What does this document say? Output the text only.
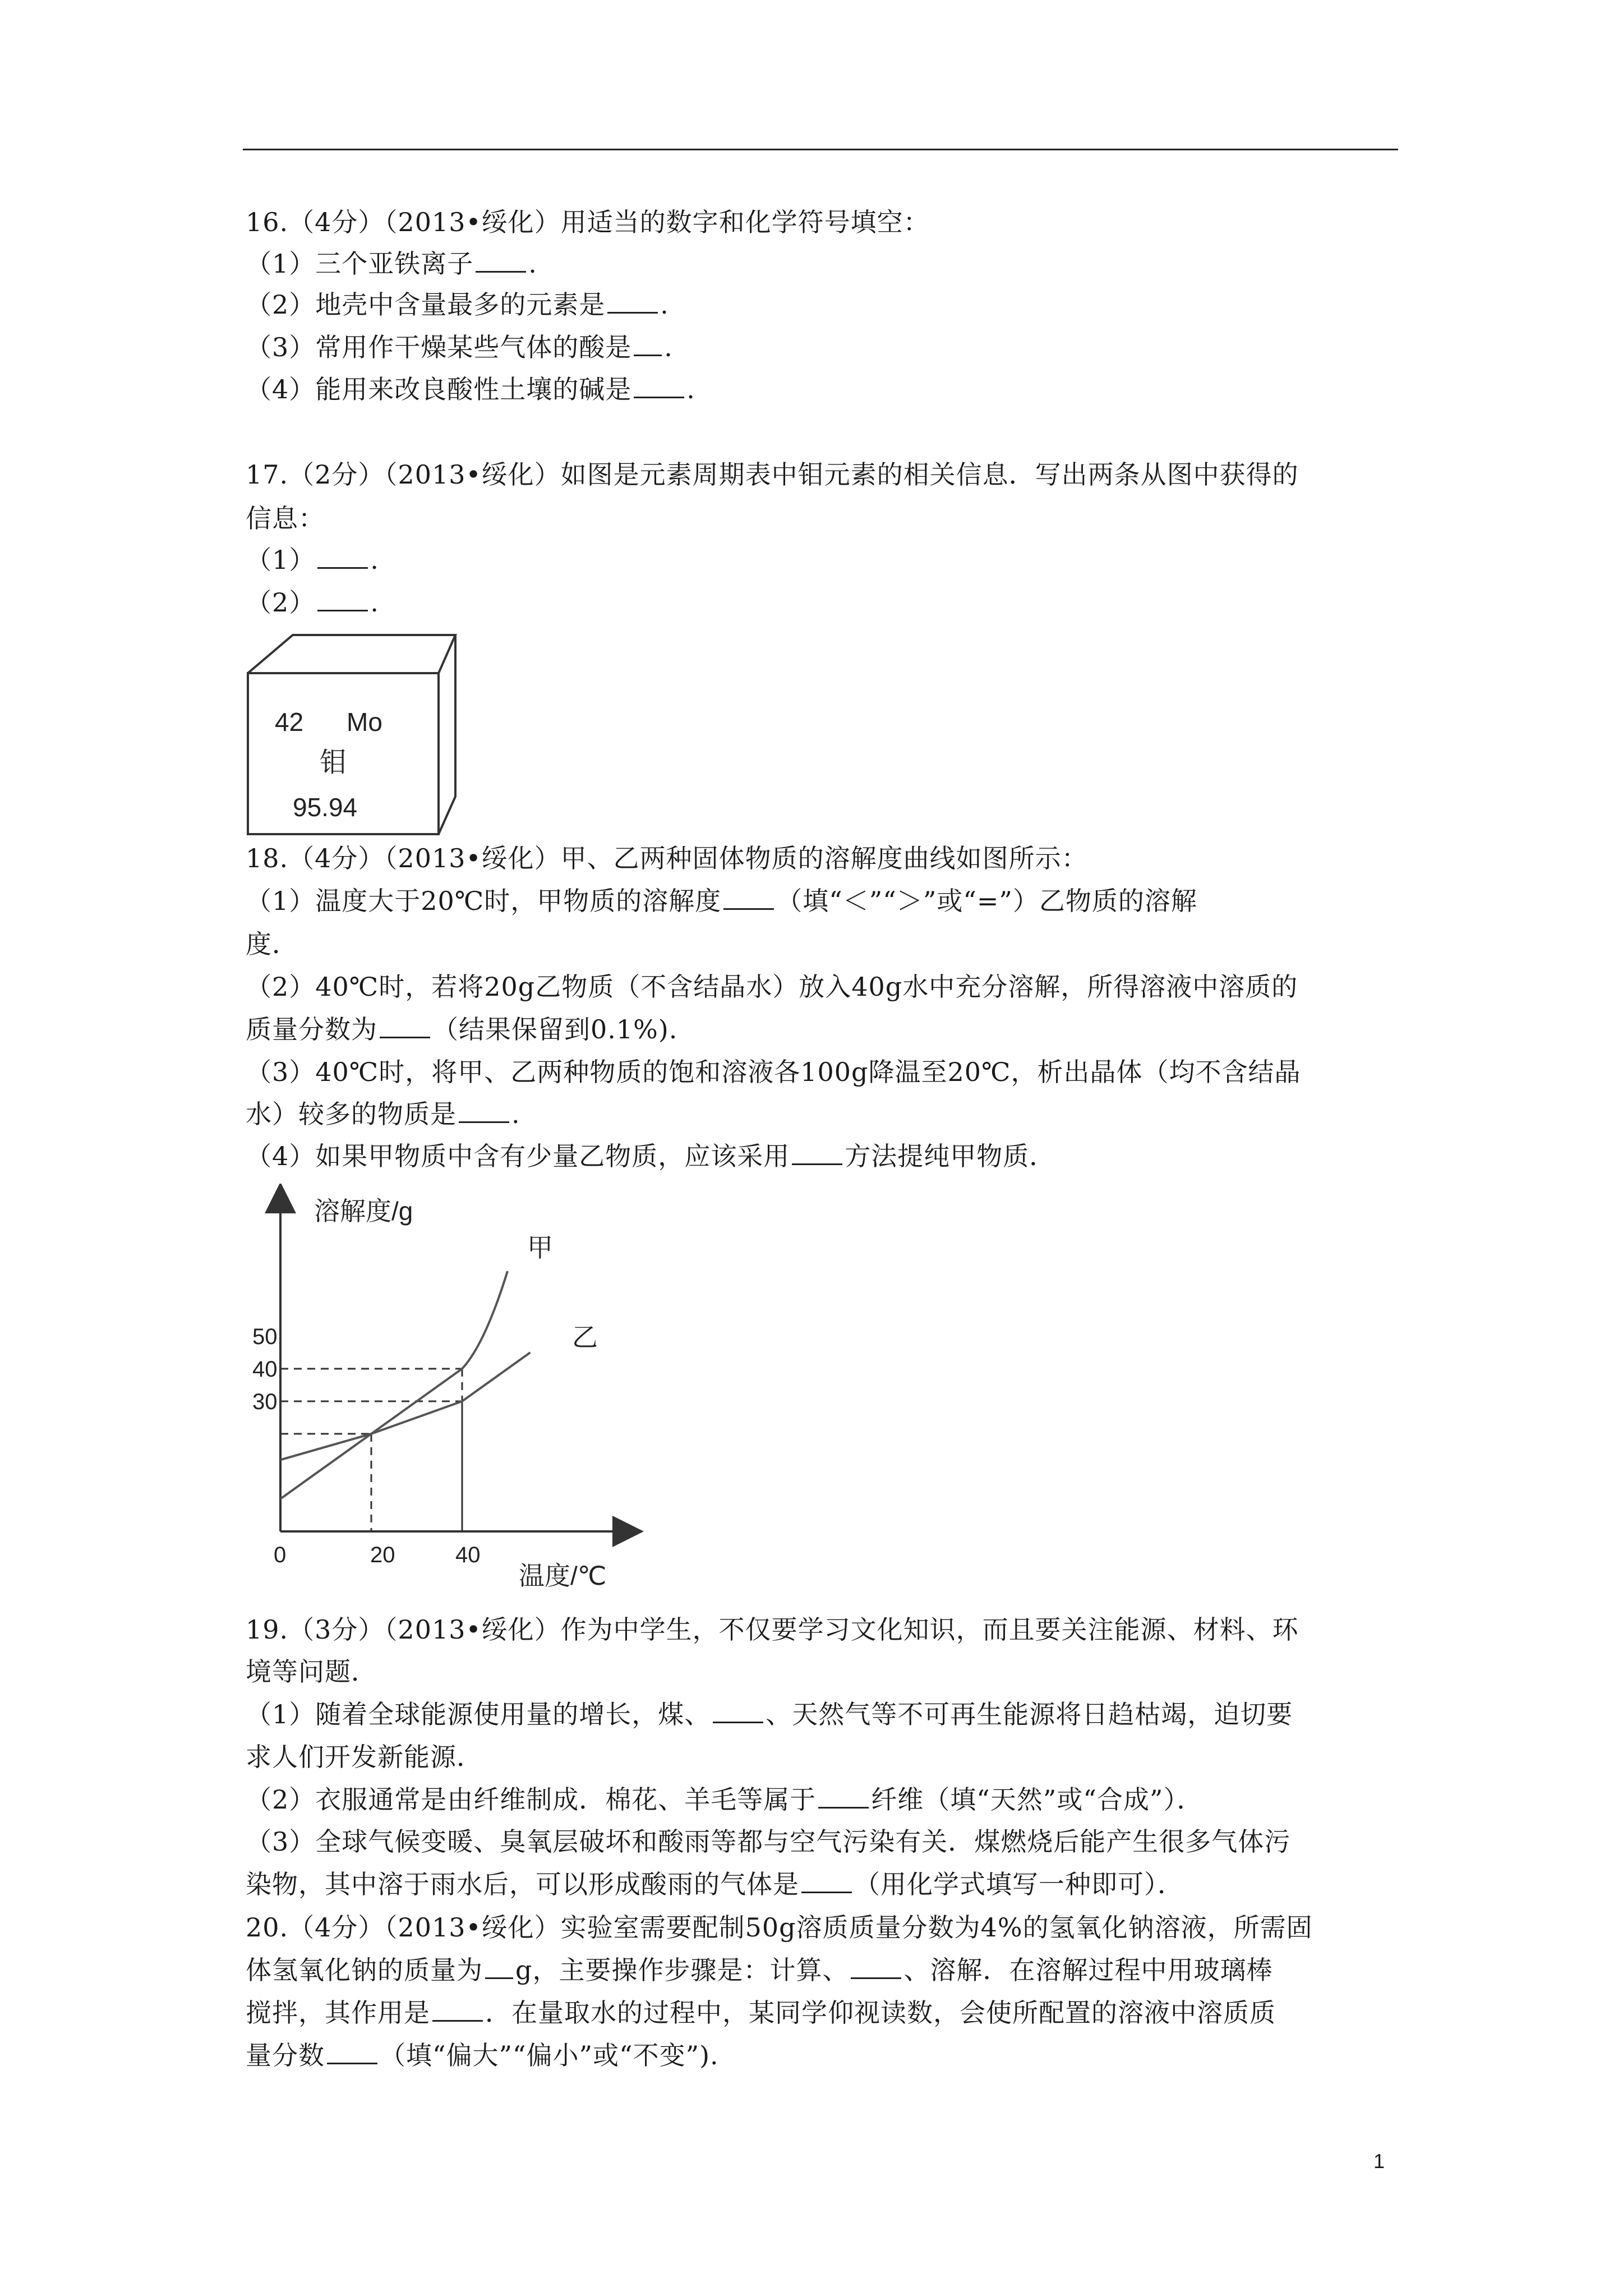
16.（4分）（2013•绥化）用适当的数字和化学符号填空：
（1）三个亚铁离子 .
（2）地壳中含量最多的元素是 .
（3）常用作干燥某些气体的酸是 .
（4）能用来改良酸性土壤的碱是 .
17.（2分）（2013•绥化）如图是元素周期表中钼元素的相关信息．写出两条从图中获得的
信息：
（1） .
（2） .
42 Mo
钼
95.94
18.（4分）（2013•绥化）甲、乙两种固体物质的溶解度曲线如图所示：
（1）温度大于20℃时，甲物质的溶解度 （填“＜”“＞”或“=”）乙物质的溶解
度．
（2）40℃时，若将20g乙物质（不含结晶水）放入40g水中充分溶解，所得溶液中溶质的
质量分数为 （结果保留到0.1%).
（3）40℃时，将甲、乙两种物质的饱和溶液各100g降温至20℃，析出晶体（均不含结晶
水）较多的物质是 .
（4）如果甲物质中含有少量乙物质，应该采用 方法提纯甲物质．
溶解度/g
温度/℃
50
40
30
0	20	40
甲
乙
19.（3分）（2013•绥化）作为中学生，不仅要学习文化知识，而且要关注能源、材料、环
境等问题．
（1）随着全球能源使用量的增长，煤、 、天然气等不可再生能源将日趋枯竭，迫切要
求人们开发新能源．
（2）衣服通常是由纤维制成．棉花、羊毛等属于 纤维（填“天然”或“合成”）．
（3）全球气候变暖、臭氧层破坏和酸雨等都与空气污染有关．煤燃烧后能产生很多气体污
染物，其中溶于雨水后，可以形成酸雨的气体是 （用化学式填写一种即可）．
20.（4分）（2013•绥化）实验室需要配制50g溶质质量分数为4%的氢氧化钠溶液，所需固
体氢氧化钠的质量为 g，主要操作步骤是：计算、 、溶解．在溶解过程中用玻璃棒
搅拌，其作用是 ．在量取水的过程中，某同学仰视读数，会使所配置的溶液中溶质质
量分数 （填“偏大”“偏小”或“不变”).
1
